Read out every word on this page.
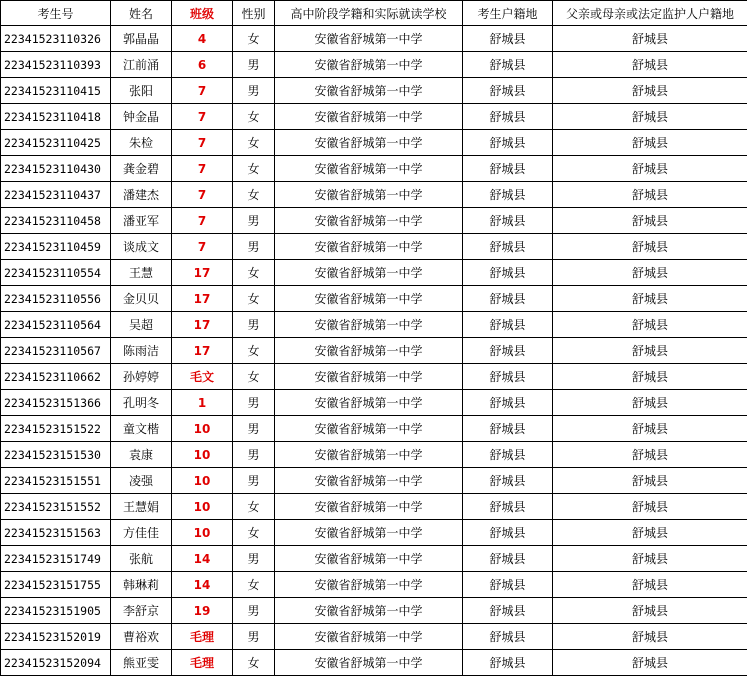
考生号	姓名	班级	性别	高中阶段学籍和实际就读学校	考生户籍地	父亲或母亲或法定监护人户籍地
22341523110326	郭晶晶	4	女	安徽省舒城第一中学	舒城县	舒城县
22341523110393	江前涌	6	男	安徽省舒城第一中学	舒城县	舒城县
22341523110415	张阳	7	男	安徽省舒城第一中学	舒城县	舒城县
22341523110418	钟金晶	7	女	安徽省舒城第一中学	舒城县	舒城县
22341523110425	朱检	7	女	安徽省舒城第一中学	舒城县	舒城县
22341523110430	龚金碧	7	女	安徽省舒城第一中学	舒城县	舒城县
22341523110437	潘建杰	7	女	安徽省舒城第一中学	舒城县	舒城县
22341523110458	潘亚军	7	男	安徽省舒城第一中学	舒城县	舒城县
22341523110459	谈成文	7	男	安徽省舒城第一中学	舒城县	舒城县
22341523110554	王慧	17	女	安徽省舒城第一中学	舒城县	舒城县
22341523110556	金贝贝	17	女	安徽省舒城第一中学	舒城县	舒城县
22341523110564	吴超	17	男	安徽省舒城第一中学	舒城县	舒城县
22341523110567	陈雨洁	17	女	安徽省舒城第一中学	舒城县	舒城县
22341523110662	孙婷婷	毛文	女	安徽省舒城第一中学	舒城县	舒城县
22341523151366	孔明冬	1	男	安徽省舒城第一中学	舒城县	舒城县
22341523151522	童文楷	10	男	安徽省舒城第一中学	舒城县	舒城县
22341523151530	袁康	10	男	安徽省舒城第一中学	舒城县	舒城县
22341523151551	凌强	10	男	安徽省舒城第一中学	舒城县	舒城县
22341523151552	王慧娟	10	女	安徽省舒城第一中学	舒城县	舒城县
22341523151563	方佳佳	10	女	安徽省舒城第一中学	舒城县	舒城县
22341523151749	张航	14	男	安徽省舒城第一中学	舒城县	舒城县
22341523151755	韩琳莉	14	女	安徽省舒城第一中学	舒城县	舒城县
22341523151905	李舒京	19	男	安徽省舒城第一中学	舒城县	舒城县
22341523152019	曹裕欢	毛理	男	安徽省舒城第一中学	舒城县	舒城县
22341523152094	熊亚雯	毛理	女	安徽省舒城第一中学	舒城县	舒城县
